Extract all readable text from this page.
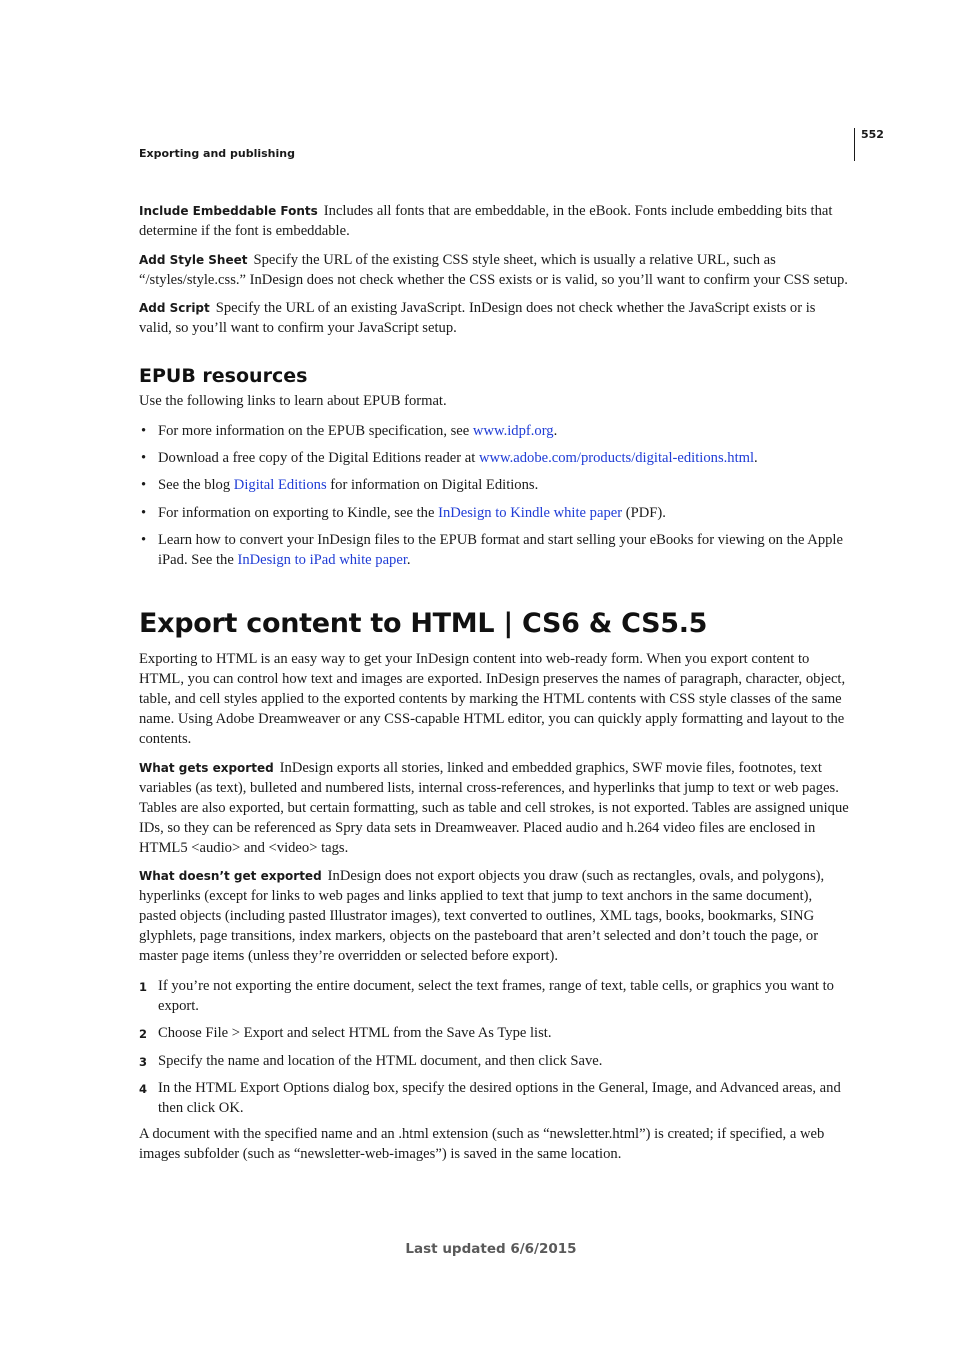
552
Exporting and publishing

Include Embeddable Fonts Includes all fonts that are embeddable, in the eBook. Fonts include embedding bits that determine if the font is embeddable.

Add Style Sheet Specify the URL of the existing CSS style sheet, which is usually a relative URL, such as “/styles/style.css.” InDesign does not check whether the CSS exists or is valid, so you’ll want to confirm your CSS setup.

Add Script Specify the URL of an existing JavaScript. InDesign does not check whether the JavaScript exists or is valid, so you’ll want to confirm your JavaScript setup.

EPUB resources

Use the following links to learn about EPUB format.

• For more information on the EPUB specification, see www.idpf.org.
• Download a free copy of the Digital Editions reader at www.adobe.com/products/digital-editions.html.
• See the blog Digital Editions for information on Digital Editions.
• For information on exporting to Kindle, see the InDesign to Kindle white paper (PDF).
• Learn how to convert your InDesign files to the EPUB format and start selling your eBooks for viewing on the Apple iPad. See the InDesign to iPad white paper.
Export content to HTML | CS6 & CS5.5

Exporting to HTML is an easy way to get your InDesign content into web-ready form. When you export content to HTML, you can control how text and images are exported. InDesign preserves the names of paragraph, character, object, table, and cell styles applied to the exported contents by marking the HTML contents with CSS style classes of the same name. Using Adobe Dreamweaver or any CSS-capable HTML editor, you can quickly apply formatting and layout to the contents.

What gets exported InDesign exports all stories, linked and embedded graphics, SWF movie files, footnotes, text variables (as text), bulleted and numbered lists, internal cross-references, and hyperlinks that jump to text or web pages. Tables are also exported, but certain formatting, such as table and cell strokes, is not exported. Tables are assigned unique IDs, so they can be referenced as Spry data sets in Dreamweaver. Placed audio and h.264 video files are enclosed in HTML5 <audio> and <video> tags.

What doesn’t get exported InDesign does not export objects you draw (such as rectangles, ovals, and polygons), hyperlinks (except for links to web pages and links applied to text that jump to text anchors in the same document), pasted objects (including pasted Illustrator images), text converted to outlines, XML tags, books, bookmarks, SING glyphlets, page transitions, index markers, objects on the pasteboard that aren’t selected and don’t touch the page, or master page items (unless they’re overridden or selected before export).

1 If you’re not exporting the entire document, select the text frames, range of text, table cells, or graphics you want to export.
2 Choose File > Export and select HTML from the Save As Type list.
3 Specify the name and location of the HTML document, and then click Save.
4 In the HTML Export Options dialog box, specify the desired options in the General, Image, and Advanced areas, and then click OK.

A document with the specified name and an .html extension (such as “newsletter.html”) is created; if specified, a web images subfolder (such as “newsletter-web-images”) is saved in the same location.

Last updated 6/6/2015
